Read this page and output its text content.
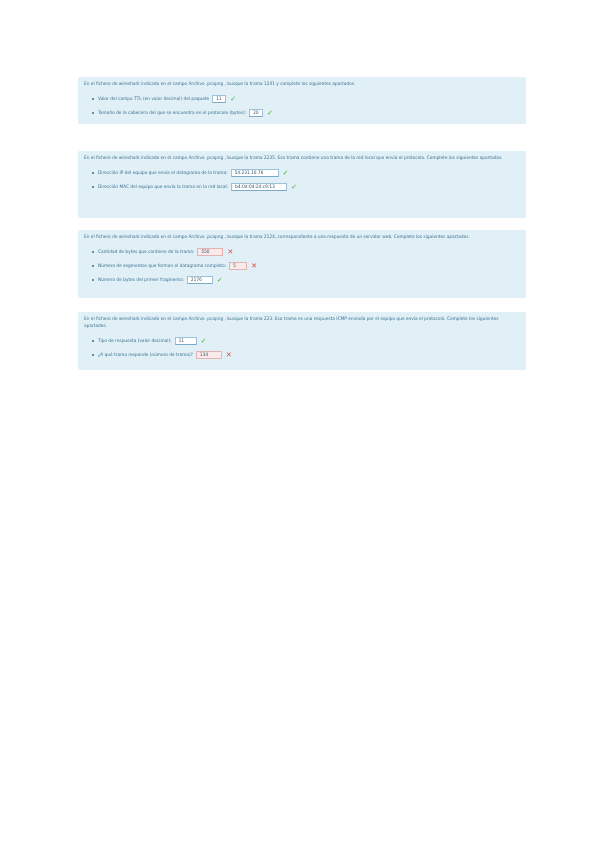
En el fichero de wireshark indicado en el campo Archivo .pcapng , busque la trama 1241 y complete los siguientes apartados.

Valor del campo TTL (en valor decimal) del paquete	11	✓
Tamaño de la cabecera del que se encuentra en el protocolo (bytes):	20	✓

En el fichero de wireshark indicado en el campo Archivo .pcapng , busque la trama 2235. Esa trama contiene una trama de la red local que envía el protocolo. Complete los siguientes apartados.

Dirección IP del equipo que envía el datagrama de la trama:	54.231.10.76	✓
Dirección MAC del equipo que envía la trama en la red local:	b4:0d:04:24:c9:13	✓

En el fichero de wireshark indicado en el campo Archivo .pcapng , busque la trama 2124, correspondiente a una respuesta de un servidor web. Complete los siguientes apartados.

Cantidad de bytes que contiene de la trama:	550	✕
Número de segmentos que forman el datagrama completo:	5	✕
Número de bytes del primer fragmento:	2176	✓

En el fichero de wireshark indicado en el campo Archivo .pcapng , busque la trama 223. Esa trama es una respuesta ICMP enviada por el equipo que envía el protocolo. Complete los siguientes apartados.

Tipo de respuesta (valor decimal):	11	✓
¿A qué trama responde (número de trama)?	134	✕
